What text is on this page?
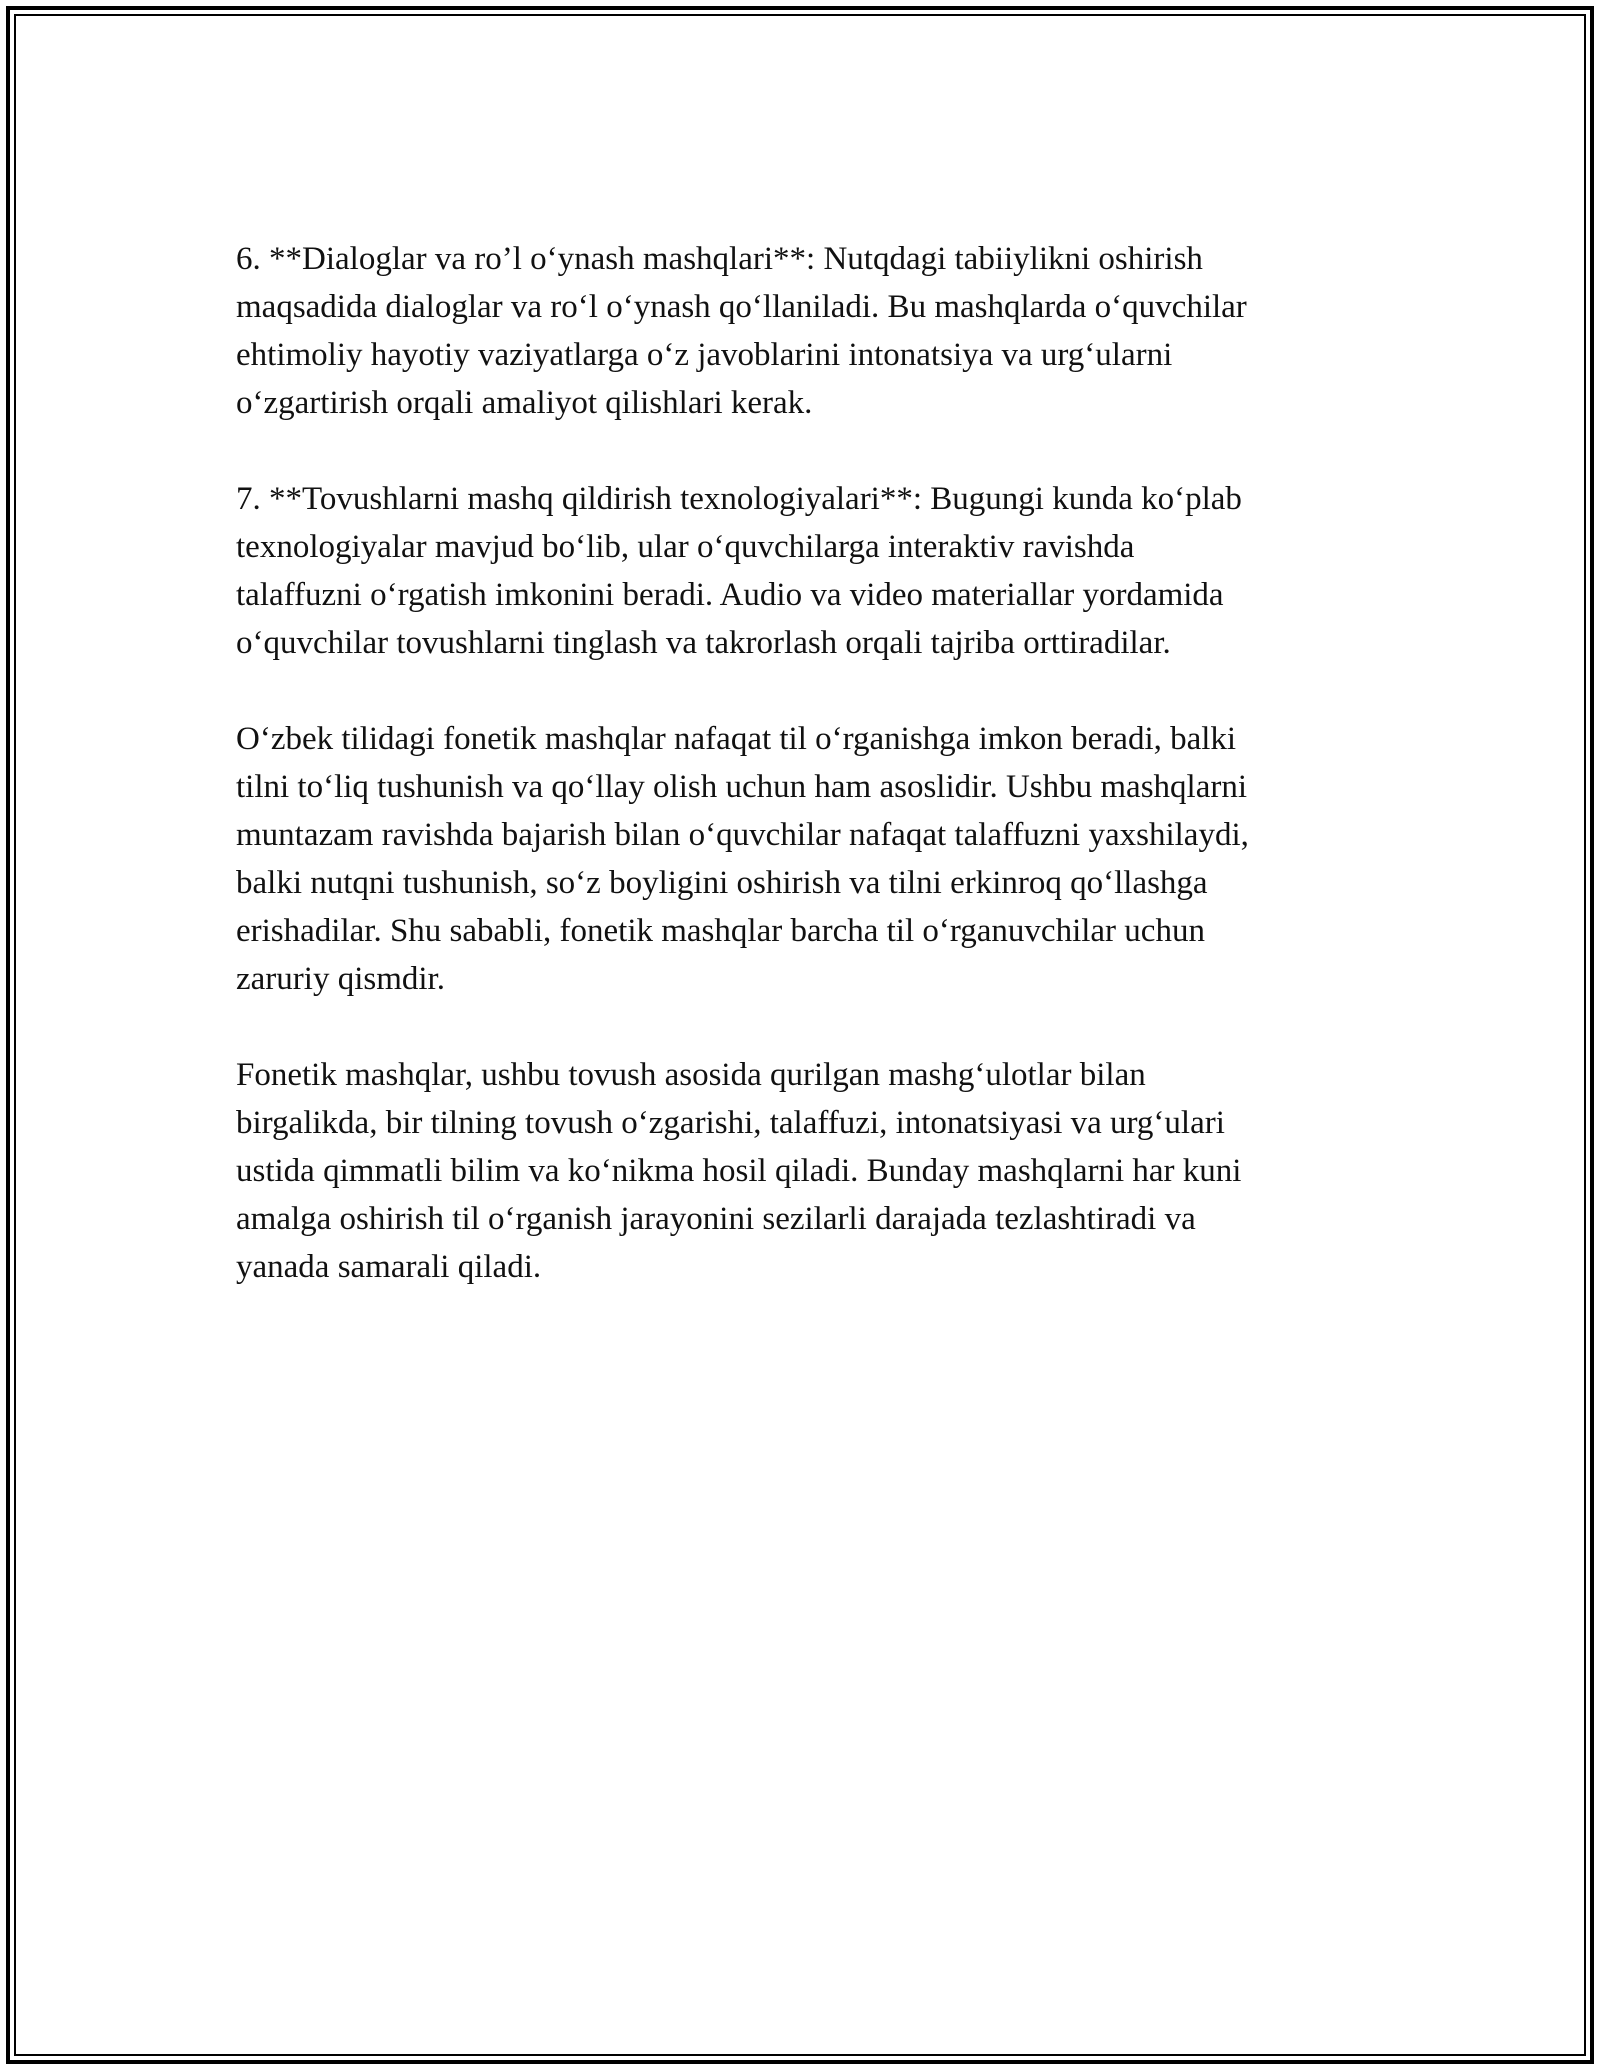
6. **Dialoglar va ro’l o‘ynash mashqlari**: Nutqdagi tabiiylikni oshirish
maqsadida dialoglar va ro‘l o‘ynash qo‘llaniladi. Bu mashqlarda o‘quvchilar
ehtimoliy hayotiy vaziyatlarga o‘z javoblarini intonatsiya va urg‘ularni
o‘zgartirish orqali amaliyot qilishlari kerak.

7. **Tovushlarni mashq qildirish texnologiyalari**: Bugungi kunda ko‘plab
texnologiyalar mavjud bo‘lib, ular o‘quvchilarga interaktiv ravishda
talaffuzni o‘rgatish imkonini beradi. Audio va video materiallar yordamida
o‘quvchilar tovushlarni tinglash va takrorlash orqali tajriba orttiradilar.

O‘zbek tilidagi fonetik mashqlar nafaqat til o‘rganishga imkon beradi, balki
tilni to‘liq tushunish va qo‘llay olish uchun ham asoslidir. Ushbu mashqlarni
muntazam ravishda bajarish bilan o‘quvchilar nafaqat talaffuzni yaxshilaydi,
balki nutqni tushunish, so‘z boyligini oshirish va tilni erkinroq qo‘llashga
erishadilar. Shu sababli, fonetik mashqlar barcha til o‘rganuvchilar uchun
zaruriy qismdir.

Fonetik mashqlar, ushbu tovush asosida qurilgan mashg‘ulotlar bilan
birgalikda, bir tilning tovush o‘zgarishi, talaffuzi, intonatsiyasi va urg‘ulari
ustida qimmatli bilim va ko‘nikma hosil qiladi. Bunday mashqlarni har kuni
amalga oshirish til o‘rganish jarayonini sezilarli darajada tezlashtiradi va
yanada samarali qiladi.
